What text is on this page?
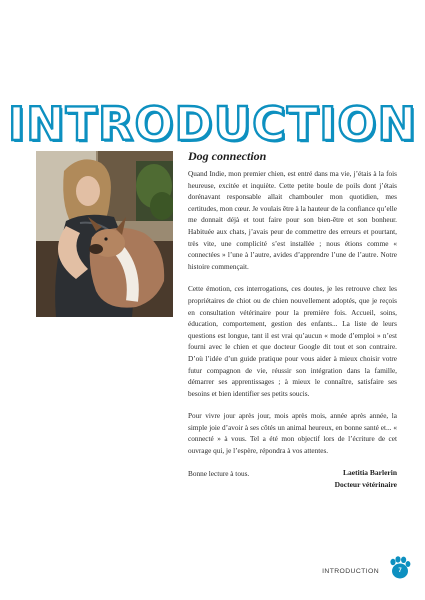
INTRODUCTION
Dog connection

Quand Indie, mon premier chien, est entré dans ma vie, j’étais à la fois heureuse, excitée et inquiète. Cette petite boule de poils dont j’étais dorénavant responsable allait chambouler mon quotidien, mes certitudes, mon cœur. Je voulais être à la hauteur de la confiance qu’elle me donnait déjà et tout faire pour son bien-être et son bonheur. Habituée aux chats, j’avais peur de commettre des erreurs et pourtant, très vite, une complicité s’est installée ; nous étions comme « connectées » l’une à l’autre, avides d’apprendre l’une de l’autre. Notre histoire commençait.

Cette émotion, ces interrogations, ces doutes, je les retrouve chez les propriétaires de chiot ou de chien nouvellement adoptés, que je reçois en consultation vétérinaire pour la première fois. Accueil, soins, éducation, comportement, gestion des enfants... La liste de leurs questions est longue, tant il est vrai qu’aucun « mode d’emploi » n’est fourni avec le chien et que docteur Google dit tout et son contraire. D’où l’idée d’un guide pratique pour vous aider à mieux choisir votre futur compagnon de vie, réussir son intégration dans la famille, démarrer ses apprentissages ; à mieux le connaître, satisfaire ses besoins et bien identifier ses petits soucis.

Pour vivre jour après jour, mois après mois, année après année, la simple joie d’avoir à ses côtés un animal heureux, en bonne santé et... « connecté » à vous. Tel a été mon objectif lors de l’écriture de cet ouvrage qui, je l’espère, répondra à vos attentes.

Bonne lecture à tous.	Laetitia Barlerin
Docteur vétérinaire
INTRODUCTION	7
